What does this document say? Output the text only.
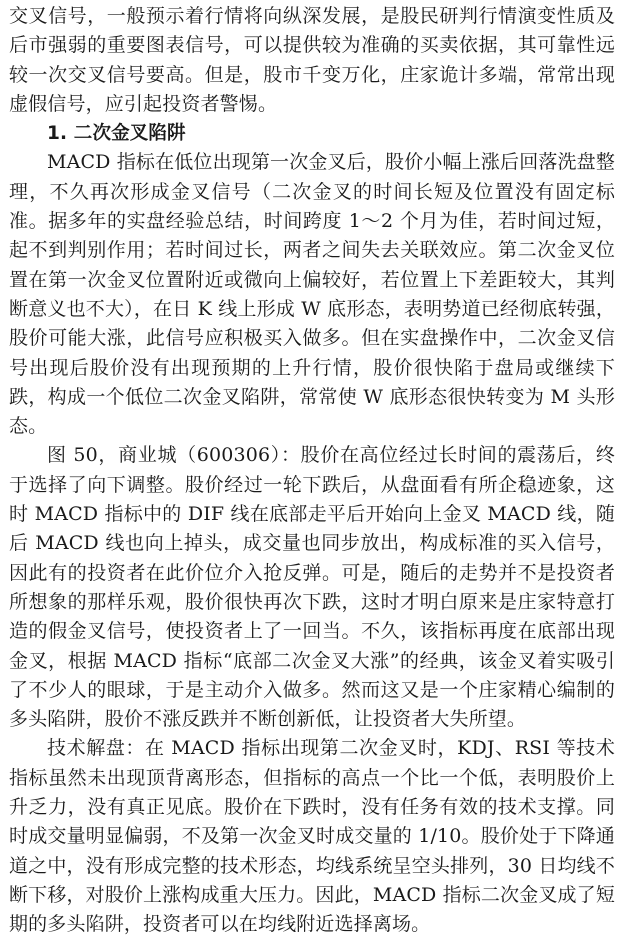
交叉信号，一般预示着行情将向纵深发展，是股民研判行情演变性质及后市强弱的重要图表信号，可以提供较为准确的买卖依据，其可靠性远较一次交叉信号要高。但是，股市千变万化，庄家诡计多端，常常出现虚假信号，应引起投资者警惕。

1. 二次金叉陷阱

MACD 指标在低位出现第一次金叉后，股价小幅上涨后回落洗盘整理，不久再次形成金叉信号（二次金叉的时间长短及位置没有固定标准。据多年的实盘经验总结，时间跨度 1～2 个月为佳，若时间过短，起不到判别作用；若时间过长，两者之间失去关联效应。第二次金叉位置在第一次金叉位置附近或微向上偏较好，若位置上下差距较大，其判断意义也不大），在日 K 线上形成 W 底形态，表明势道已经彻底转强，股价可能大涨，此信号应积极买入做多。但在实盘操作中，二次金叉信号出现后股价没有出现预期的上升行情，股价很快陷于盘局或继续下跌，构成一个低位二次金叉陷阱，常常使 W 底形态很快转变为 M 头形态。

图 50，商业城（600306）：股价在高位经过长时间的震荡后，终于选择了向下调整。股价经过一轮下跌后，从盘面看有所企稳迹象，这时 MACD 指标中的 DIF 线在底部走平后开始向上金叉 MACD 线，随后 MACD 线也向上掉头，成交量也同步放出，构成标准的买入信号，因此有的投资者在此价位介入抢反弹。可是，随后的走势并不是投资者所想象的那样乐观，股价很快再次下跌，这时才明白原来是庄家特意打造的假金叉信号，使投资者上了一回当。不久，该指标再度在底部出现金叉，根据 MACD 指标“底部二次金叉大涨”的经典，该金叉着实吸引了不少人的眼球，于是主动介入做多。然而这又是一个庄家精心编制的多头陷阱，股价不涨反跌并不断创新低，让投资者大失所望。

技术解盘：在 MACD 指标出现第二次金叉时，KDJ、RSI 等技术指标虽然未出现顶背离形态，但指标的高点一个比一个低，表明股价上升乏力，没有真正见底。股价在下跌时，没有任务有效的技术支撑。同时成交量明显偏弱，不及第一次金叉时成交量的 1/10。股价处于下降通道之中，没有形成完整的技术形态，均线系统呈空头排列，30 日均线不断下移，对股价上涨构成重大压力。因此，MACD 指标二次金叉成了短期的多头陷阱，投资者可以在均线附近选择离场。
